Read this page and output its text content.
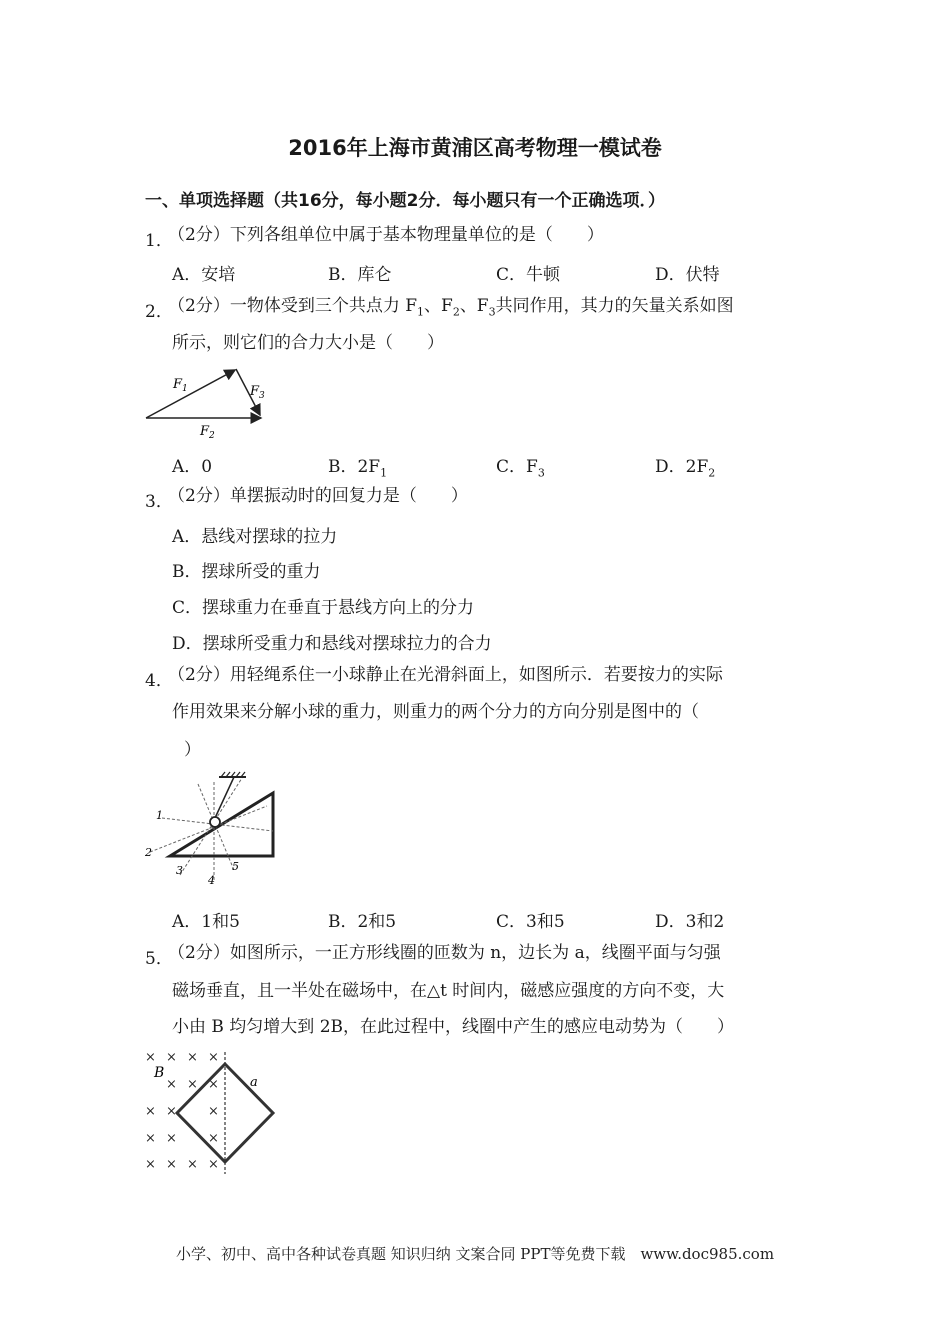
2016年上海市黄浦区高考物理一模试卷
一、单项选择题（共16分，每小题2分．每小题只有一个正确选项．）
1．
（2分）下列各组单位中属于基本物理量单位的是（　　）
A．安培	B．库仑	C．牛顿	D．伏特
2．
（2分）一物体受到三个共点力 $F_1$、$F_2$、$F_3$共同作用，其力的矢量关系如图
所示，则它们的合力大小是（　　）
$F_1$	$F_3$
$F_2$
A．0	B．$2F_1$	C．$F_3$	D．$2F_2$
3．
（2分）单摆振动时的回复力是（　　）
A．悬线对摆球的拉力
B．摆球所受的重力
C．摆球重力在垂直于悬线方向上的分力
D．摆球所受重力和悬线对摆球拉力的合力
4．
（2分）用轻绳系住一小球静止在光滑斜面上，如图所示．若要按力的实际
作用效果来分解小球的重力，则重力的两个分力的方向分别是图中的（
）
1
2
3
4
5
A．1和5	B．2和5	C．3和5	D．3和2
5．
（2分）如图所示，一正方形线圈的匝数为 n，边长为 a，线圈平面与匀强
磁场垂直，且一半处在磁场中，在△t 时间内，磁感应强度的方向不变，大
小由 B 均匀增大到 2B，在此过程中，线圈中产生的感应电动势为（　　）
× × × ×
× × ×
× × ×
× × ×
× × × ×
B
a
小学、初中、高中各种试卷真题 知识归纳 文案合同 PPT等免费下载　www.doc985.com
